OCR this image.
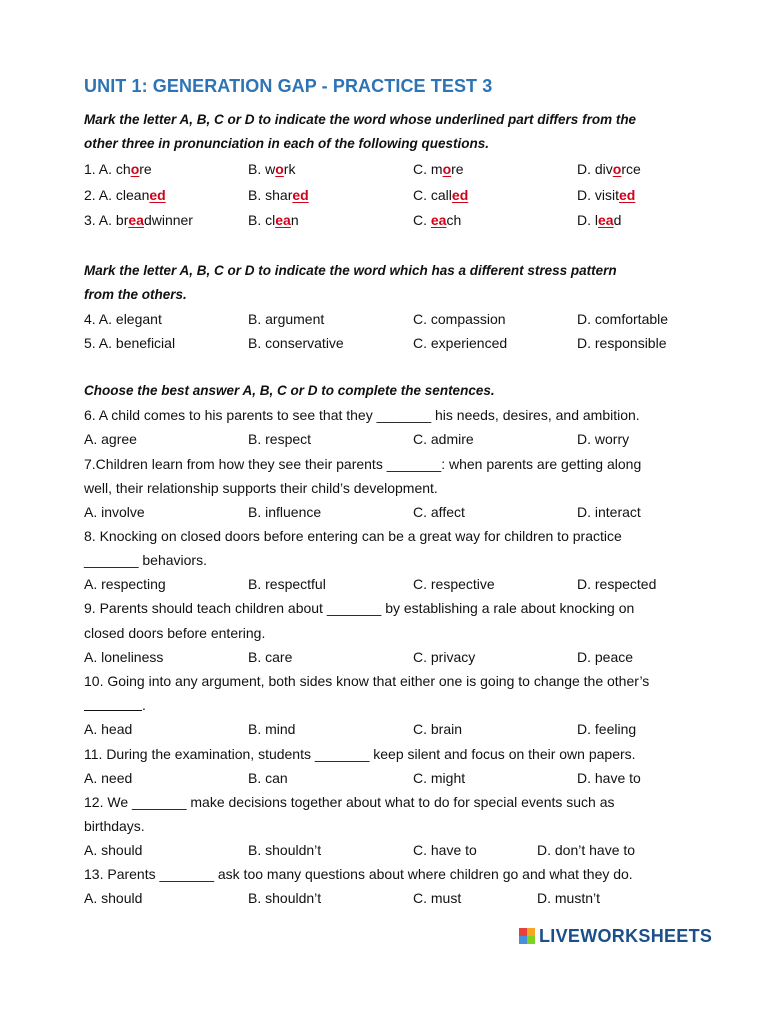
UNIT 1: GENERATION GAP - PRACTICE TEST 3
Mark the letter A, B, C or D to indicate the word whose underlined part differs from the
other three in pronunciation in each of the following questions.
1. A. chore	B. work	C. more	D. divorce
2. A. cleaned	B. shared	C. called	D. visited
3. A. breadwinner	B. clean	C. each	D. lead
Mark the letter A, B, C or D to indicate the word which has a different stress pattern
from the others.
4. A. elegant	B. argument	C. compassion	D. comfortable
5. A. beneficial	B. conservative	C. experienced	D. responsible
Choose the best answer A, B, C or D to complete the sentences.
6. A child comes to his parents to see that they _______ his needs, desires, and ambition.
A. agree	B. respect	C. admire	D. worry
7.Children learn from how they see their parents _______: when parents are getting along
well, their relationship supports their child’s development.
A. involve	B. influence	C. affect	D. interact
8. Knocking on closed doors before entering can be a great way for children to practice
_______ behaviors.
A. respecting	B. respectful	C. respective	D. respected
9. Parents should teach children about _______ by establishing a rale about knocking on
closed doors before entering.
A. loneliness	B. care	C. privacy	D. peace
10. Going into any argument, both sides know that either one is going to change the other’s
.
A. head	B. mind	C. brain	D. feeling
11. During the examination, students _______ keep silent and focus on their own papers.
A. need	B. can	C. might	D. have to
12. We _______ make decisions together about what to do for special events such as
birthdays.
A. should	B. shouldn’t	C. have to	D. don’t have to
13. Parents _______ ask too many questions about where children go and what they do.
A. should	B. shouldn’t	C. must	D. mustn’t
LIVEWORKSHEETS
